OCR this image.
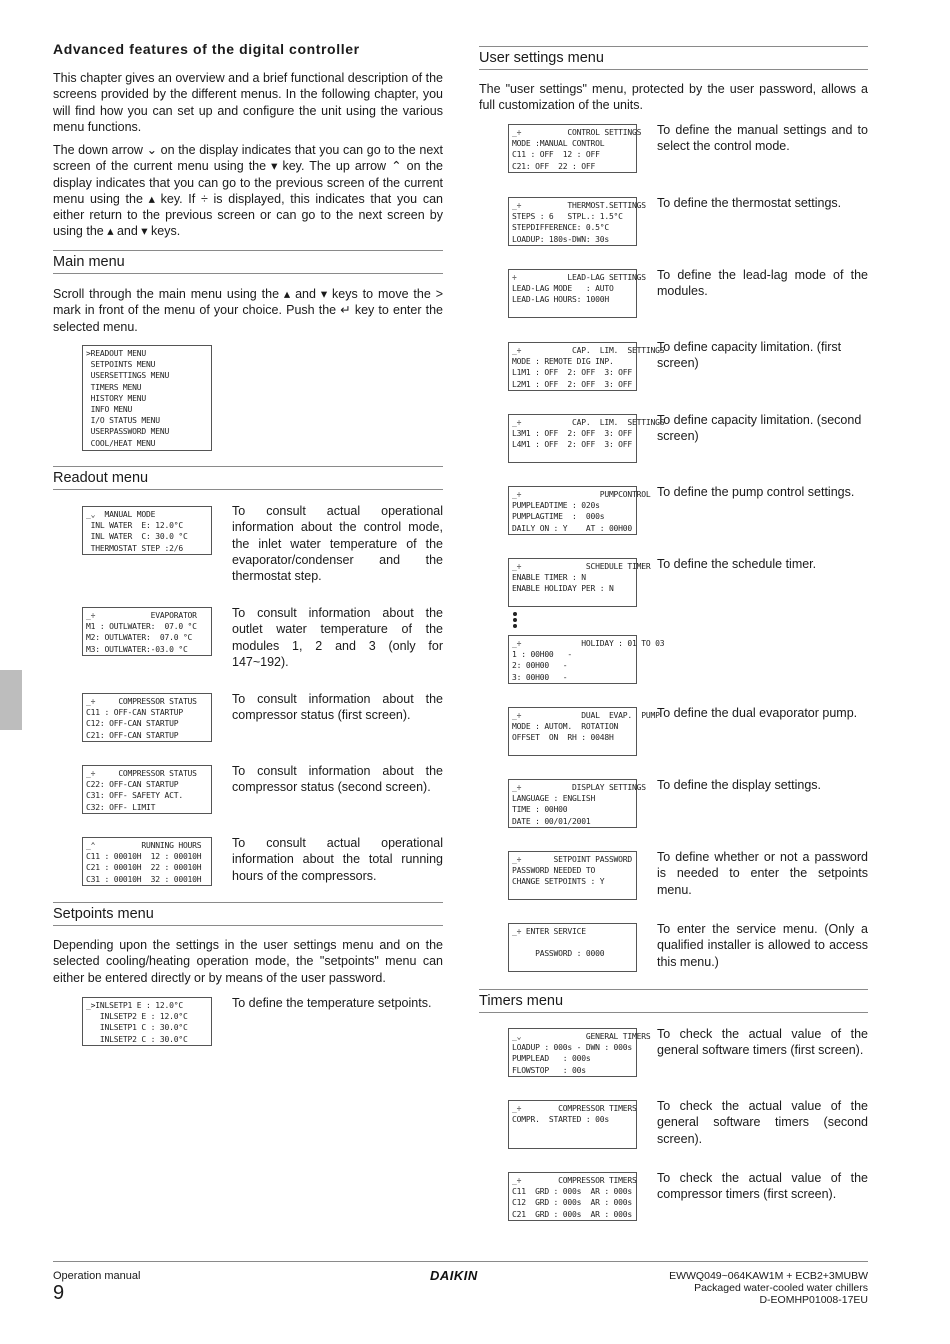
Advanced features of the digital controller

This chapter gives an overview and a brief functional description of the screens provided by the different menus. In the following chapter, you will find how you can set up and configure the unit using the various menu functions.

The down arrow ⌄ on the display indicates that you can go to the next screen of the current menu using the ▾ key. The up arrow ⌃ on the display indicates that you can go to the previous screen of the current menu using the ▴ key. If ÷ is displayed, this indicates that you can either return to the previous screen or can go to the next screen by using the ▴ and ▾ keys.

Main menu

Scroll through the main menu using the ▴ and ▾ keys to move the > mark in front of the menu of your choice. Push the ↵ key to enter the selected menu.

>READOUT MENU
SETPOINTS MENU
USERSETTINGS MENU
TIMERS MENU
HISTORY MENU
INFO MENU
I/O STATUS MENU
USERPASSWORD MENU
COOL/HEAT MENU
Readout menu
_⌄  MANUAL MODE
INL WATER  E: 12.0°C
INL WATER  C: 30.0 °C
THERMOSTAT STEP :2/6

To consult actual operational information about the control mode, the inlet water temperature of the evaporator/condenser and the thermostat step.

_÷            EVAPORATOR
M1 : OUTLWATER:  07.0 °C
M2: OUTLWATER:  07.0 °C
M3: OUTLWATER:-03.0 °C

To consult information about the outlet water temperature of the modules 1, 2 and 3 (only for 147~192).

_÷     COMPRESSOR STATUS
C11 : OFF-CAN STARTUP
C12: OFF-CAN STARTUP
C21: OFF-CAN STARTUP

To consult information about the compressor status (first screen).

_÷     COMPRESSOR STATUS
C22: OFF-CAN STARTUP
C31: OFF- SAFETY ACT.
C32: OFF- LIMIT

To consult information about the compressor status (second screen).

_⌃          RUNNING HOURS
C11 : 00010H  12 : 00010H
C21 : 00010H  22 : 00010H
C31 : 00010H  32 : 00010H

To consult actual operational information about the total running hours of the compressors.

Setpoints menu

Depending upon the settings in the user settings menu and on the selected cooling/heating operation mode, the "setpoints" menu can either be entered directly or by means of the user password.

_>INLSETP1 E : 12.0°C
INLSETP2 E : 12.0°C
INLSETP1 C : 30.0°C
INLSETP2 C : 30.0°C

To define the temperature setpoints.

User settings menu

The "user settings" menu, protected by the user password, allows a full customization of the units.

_÷          CONTROL SETTINGS
MODE :MANUAL CONTROL
C11 : OFF  12 : OFF
C21: OFF  22 : OFF

To define the manual settings and to select the control mode.

_÷          THERMOST.SETTINGS
STEPS : 6   STPL.: 1.5°C
STEPDIFFERENCE: 0.5°C
LOADUP: 180s-DWN: 30s

To define the thermostat settings.

÷           LEAD-LAG SETTINGS
LEAD-LAG MODE   : AUTO
LEAD-LAG HOURS: 1000H

To define the lead-lag mode of the modules.

_÷           CAP.  LIM.  SETTINGS
MODE : REMOTE DIG INP.
L1M1 : OFF  2: OFF  3: OFF
L2M1 : OFF  2: OFF  3: OFF

To define capacity limitation. (first screen)

_÷           CAP.  LIM.  SETTINGS
L3M1 : OFF  2: OFF  3: OFF
L4M1 : OFF  2: OFF  3: OFF

To define capacity limitation. (second screen)

_÷                 PUMPCONTROL
PUMPLEADTIME : 020s
PUMPLAGTIME  :  000s
DAILY ON : Y    AT : 00H00

To define the pump control settings.

_÷              SCHEDULE TIMER
ENABLE TIMER : N
ENABLE HOLIDAY PER : N

To define the schedule timer.

_÷             HOLIDAY : 01 TO 03
1 : 00H00   -
2: 00H00   -
3: 00H00   -
_÷             DUAL  EVAP.  PUMP
MODE : AUTOM.  ROTATION
OFFSET  ON  RH : 0048H

To define the dual evaporator pump.

_÷           DISPLAY SETTINGS
LANGUAGE : ENGLISH
TIME : 00H00
DATE : 00/01/2001

To define the display settings.

_÷       SETPOINT PASSWORD
PASSWORD NEEDED TO
CHANGE SETPOINTS : Y

To define whether or not a password is needed to enter the setpoints menu.

_÷ ENTER SERVICE
PASSWORD : 0000

To enter the service menu. (Only a qualified installer is allowed to access this menu.)

Timers menu
_⌄              GENERAL TIMERS
LOADUP : 000s - DWN : 000s
PUMPLEAD   : 000s
FLOWSTOP   : 00s

To check the actual value of the general software timers (first screen).

_÷        COMPRESSOR TIMERS
COMPR.  STARTED : 00s

To check the actual value of the general software timers (second screen).

_÷        COMPRESSOR TIMERS
C11  GRD : 000s  AR : 000s
C12  GRD : 000s  AR : 000s
C21  GRD : 000s  AR : 000s

To check the actual value of the compressor timers (first screen).

Operation manual
9
DAIKIN	EWWQ049~064KAW1M + ECB2+3MUBW
Packaged water-cooled water chillers
D-EOMHP01008-17EU
